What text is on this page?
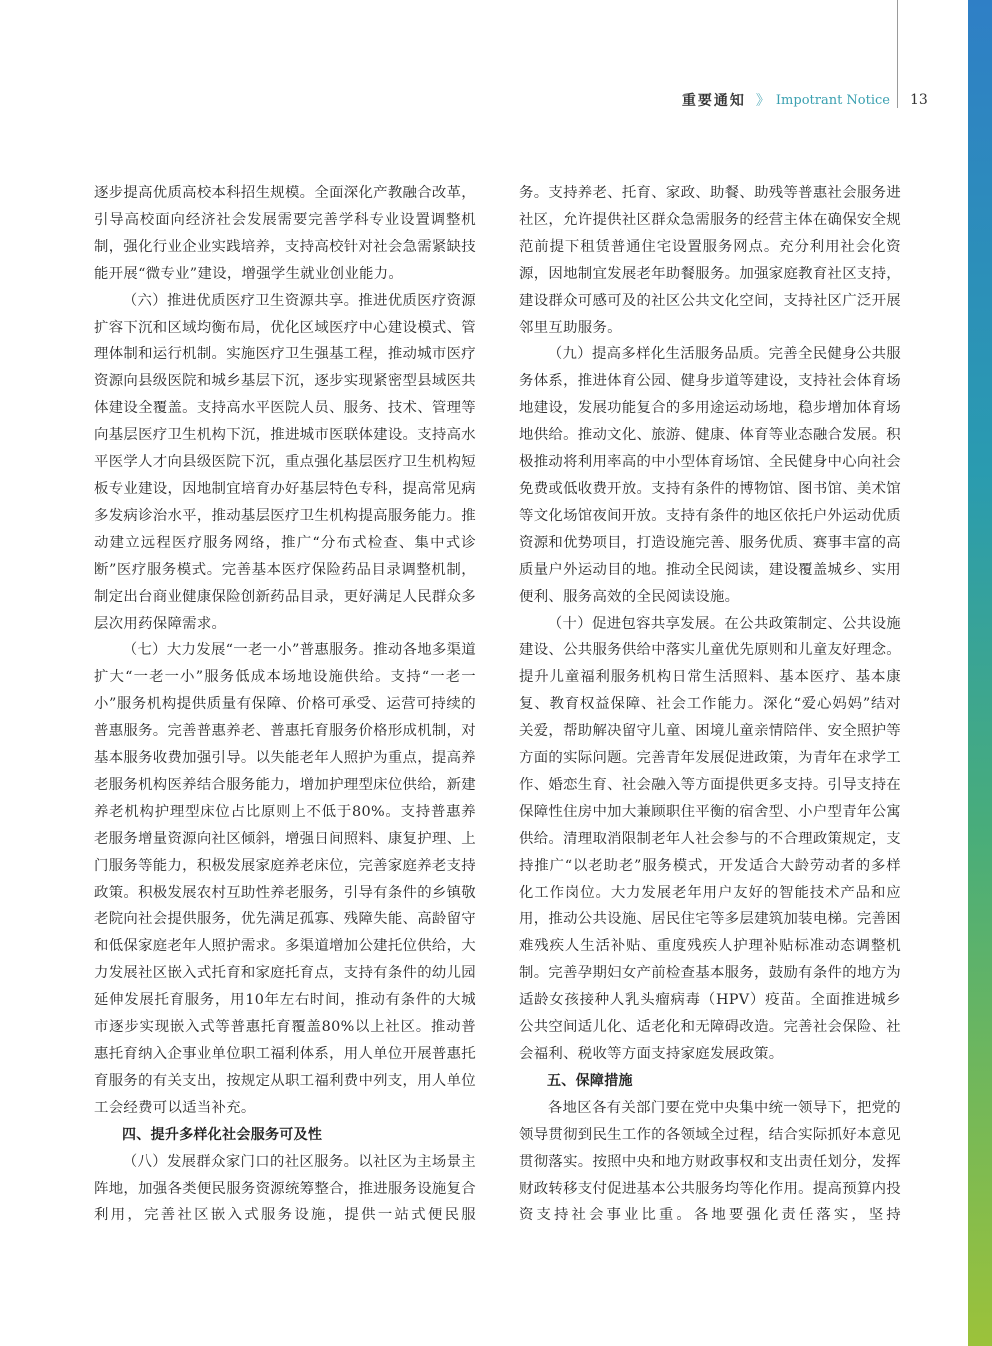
重要通知 》 Impotrant Notice 13

逐步提高优质高校本科招生规模。全面深化产教融合改革，引导高校面向经济社会发展需要完善学科专业设置调整机制，强化行业企业实践培养，支持高校针对社会急需紧缺技能开展“微专业”建设，增强学生就业创业能力。

（六）推进优质医疗卫生资源共享。推进优质医疗资源扩容下沉和区域均衡布局，优化区域医疗中心建设模式、管理体制和运行机制。实施医疗卫生强基工程，推动城市医疗资源向县级医院和城乡基层下沉，逐步实现紧密型县域医共体建设全覆盖。支持高水平医院人员、服务、技术、管理等向基层医疗卫生机构下沉，推进城市医联体建设。支持高水平医学人才向县级医院下沉，重点强化基层医疗卫生机构短板专业建设，因地制宜培育办好基层特色专科，提高常见病多发病诊治水平，推动基层医疗卫生机构提高服务能力。推动建立远程医疗服务网络，推广“分布式检查、集中式诊断”医疗服务模式。完善基本医疗保险药品目录调整机制，制定出台商业健康保险创新药品目录，更好满足人民群众多层次用药保障需求。

（七）大力发展“一老一小”普惠服务。推动各地多渠道扩大“一老一小”服务低成本场地设施供给。支持“一老一小”服务机构提供质量有保障、价格可承受、运营可持续的普惠服务。完善普惠养老、普惠托育服务价格形成机制，对基本服务收费加强引导。以失能老年人照护为重点，提高养老服务机构医养结合服务能力，增加护理型床位供给，新建养老机构护理型床位占比原则上不低于80%。支持普惠养老服务增量资源向社区倾斜，增强日间照料、康复护理、上门服务等能力，积极发展家庭养老床位，完善家庭养老支持政策。积极发展农村互助性养老服务，引导有条件的乡镇敬老院向社会提供服务，优先满足孤寡、残障失能、高龄留守和低保家庭老年人照护需求。多渠道增加公建托位供给，大力发展社区嵌入式托育和家庭托育点，支持有条件的幼儿园延伸发展托育服务，用10年左右时间，推动有条件的大城市逐步实现嵌入式等普惠托育覆盖80%以上社区。推动普惠托育纳入企事业单位职工福利体系，用人单位开展普惠托育服务的有关支出，按规定从职工福利费中列支，用人单位工会经费可以适当补充。

四、提升多样化社会服务可及性

（八）发展群众家门口的社区服务。以社区为主场景主阵地，加强各类便民服务资源统筹整合，推进服务设施复合利用，完善社区嵌入式服务设施，提供一站式便民服

务。支持养老、托育、家政、助餐、助残等普惠社会服务进社区，允许提供社区群众急需服务的经营主体在确保安全规范前提下租赁普通住宅设置服务网点。充分利用社会化资源，因地制宜发展老年助餐服务。加强家庭教育社区支持，建设群众可感可及的社区公共文化空间，支持社区广泛开展邻里互助服务。

（九）提高多样化生活服务品质。完善全民健身公共服务体系，推进体育公园、健身步道等建设，支持社会体育场地建设，发展功能复合的多用途运动场地，稳步增加体育场地供给。推动文化、旅游、健康、体育等业态融合发展。积极推动将利用率高的中小型体育场馆、全民健身中心向社会免费或低收费开放。支持有条件的博物馆、图书馆、美术馆等文化场馆夜间开放。支持有条件的地区依托户外运动优质资源和优势项目，打造设施完善、服务优质、赛事丰富的高质量户外运动目的地。推动全民阅读，建设覆盖城乡、实用便利、服务高效的全民阅读设施。

（十）促进包容共享发展。在公共政策制定、公共设施建设、公共服务供给中落实儿童优先原则和儿童友好理念。提升儿童福利服务机构日常生活照料、基本医疗、基本康复、教育权益保障、社会工作能力。深化“爱心妈妈”结对关爱，帮助解决留守儿童、困境儿童亲情陪伴、安全照护等方面的实际问题。完善青年发展促进政策，为青年在求学工作、婚恋生育、社会融入等方面提供更多支持。引导支持在保障性住房中加大兼顾职住平衡的宿舍型、小户型青年公寓供给。清理取消限制老年人社会参与的不合理政策规定，支持推广“以老助老”服务模式，开发适合大龄劳动者的多样化工作岗位。大力发展老年用户友好的智能技术产品和应用，推动公共设施、居民住宅等多层建筑加装电梯。完善困难残疾人生活补贴、重度残疾人护理补贴标准动态调整机制。完善孕期妇女产前检查基本服务，鼓励有条件的地方为适龄女孩接种人乳头瘤病毒（HPV）疫苗。全面推进城乡公共空间适儿化、适老化和无障碍改造。完善社会保险、社会福利、税收等方面支持家庭发展政策。

五、保障措施

各地区各有关部门要在党中央集中统一领导下，把党的领导贯彻到民生工作的各领域全过程，结合实际抓好本意见贯彻落实。按照中央和地方财政事权和支出责任划分，发挥财政转移支付促进基本公共服务均等化作用。提高预算内投资支持社会事业比重。各地要强化责任落实，坚持
